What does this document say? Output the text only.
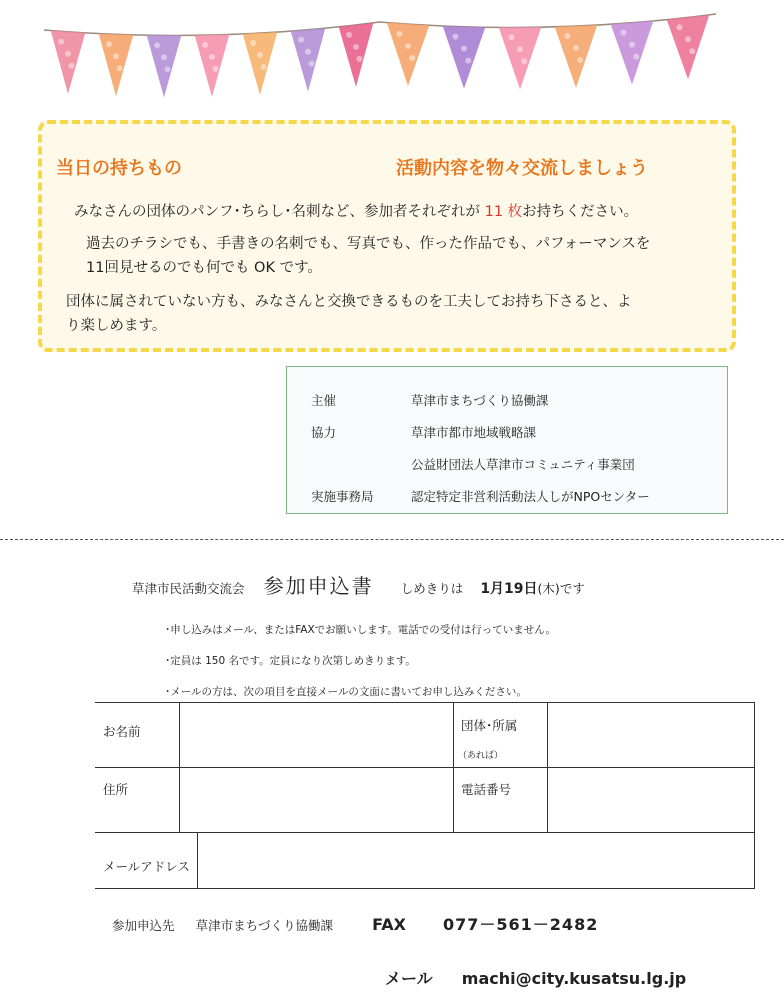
当日の持ちもの	活動内容を物々交流しましょう
みなさんの団体のパンフ･ちらし･名刺など、参加者それぞれが 11 枚お持ちください。
過去のチラシでも、手書きの名刺でも、写真でも、作った作品でも、パフォーマンスを
11回見せるのでも何でも OK です。
団体に属されていない方も、みなさんと交換できるものを工夫してお持ち下さると、よ
り楽しめます。
主催	草津市まちづくり協働課
協力	草津市都市地域戦略課
公益財団法人草津市コミュニティ事業団
実施事務局	認定特定非営利活動法人しがNPOセンター
草津市民活動交流会 参加申込書 しめきりは 1月19日(木)です
･申し込みはメール、またはFAXでお願いします。電話での受付は行っていません。
･定員は 150 名です。定員になり次第しめきります。
･メールの方は、次の項目を直接メールの文面に書いてお申し込みください。
お名前	団体･所属
（あれば）
住所	電話番号
メールアドレス
参加申込先 草津市まちづくり協働課 FAX 077－561－2482
メール machi@city.kusatsu.lg.jp
